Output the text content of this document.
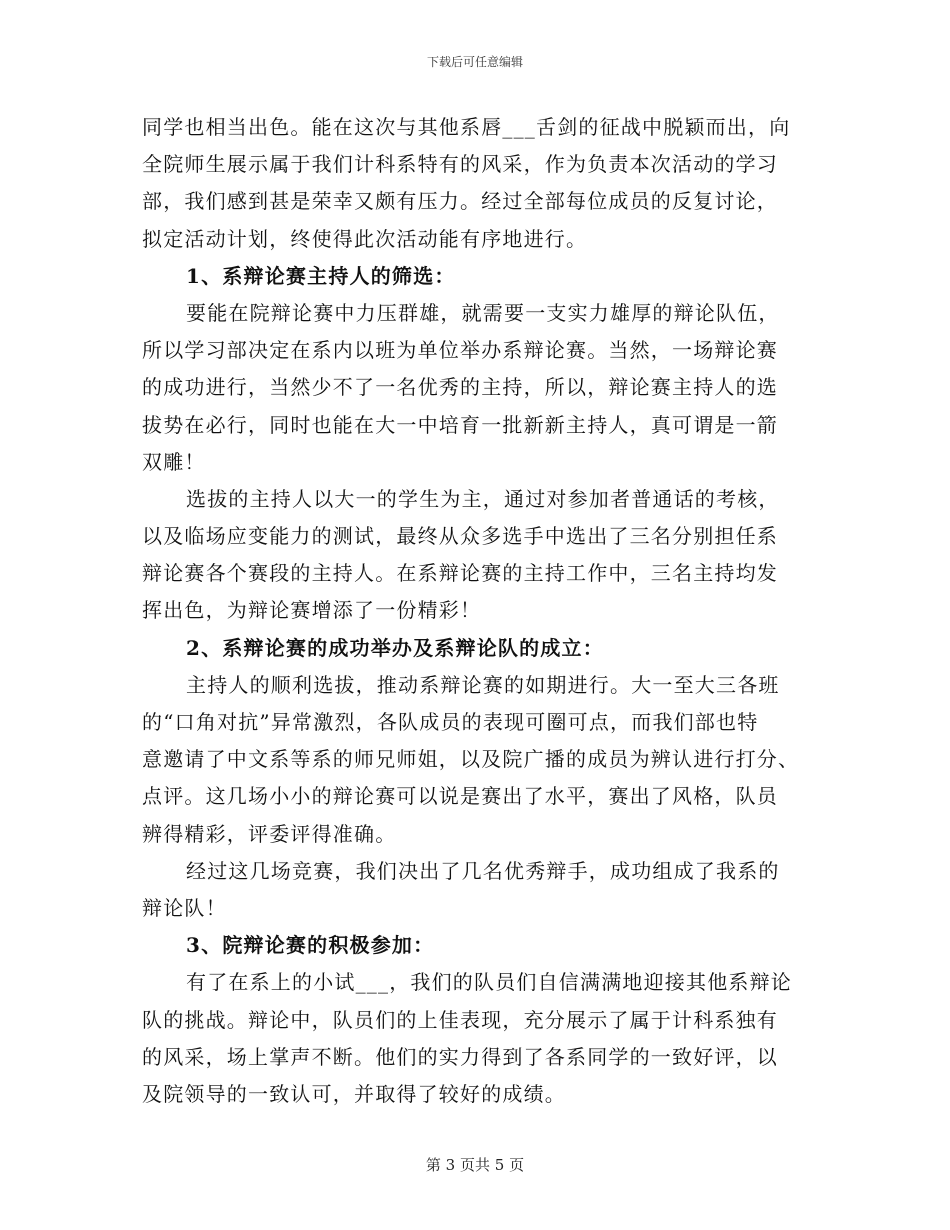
下载后可任意编辑
同学也相当出色。能在这次与其他系唇___舌剑的征战中脱颖而出，向
全院师生展示属于我们计科系特有的风采，作为负责本次活动的学习
部，我们感到甚是荣幸又颇有压力。经过全部每位成员的反复讨论，
拟定活动计划，终使得此次活动能有序地进行。
1、系辩论赛主持人的筛选：
要能在院辩论赛中力压群雄，就需要一支实力雄厚的辩论队伍，
所以学习部决定在系内以班为单位举办系辩论赛。当然，一场辩论赛
的成功进行，当然少不了一名优秀的主持，所以，辩论赛主持人的选
拔势在必行，同时也能在大一中培育一批新新主持人，真可谓是一箭
双雕！
选拔的主持人以大一的学生为主，通过对参加者普通话的考核，
以及临场应变能力的测试，最终从众多选手中选出了三名分别担任系
辩论赛各个赛段的主持人。在系辩论赛的主持工作中，三名主持均发
挥出色，为辩论赛增添了一份精彩！
2、系辩论赛的成功举办及系辩论队的成立：
主持人的顺利选拔，推动系辩论赛的如期进行。大一至大三各班
的“口角对抗”异常激烈，各队成员的表现可圈可点，而我们部也特
意邀请了中文系等系的师兄师姐，以及院广播的成员为辨认进行打分、
点评。这几场小小的辩论赛可以说是赛出了水平，赛出了风格，队员
辨得精彩，评委评得准确。
经过这几场竞赛，我们决出了几名优秀辩手，成功组成了我系的
辩论队！
3、院辩论赛的积极参加：
有了在系上的小试___，我们的队员们自信满满地迎接其他系辩论
队的挑战。辩论中，队员们的上佳表现，充分展示了属于计科系独有
的风采，场上掌声不断。他们的实力得到了各系同学的一致好评，以
及院领导的一致认可，并取得了较好的成绩。
第 3 页共 5 页
